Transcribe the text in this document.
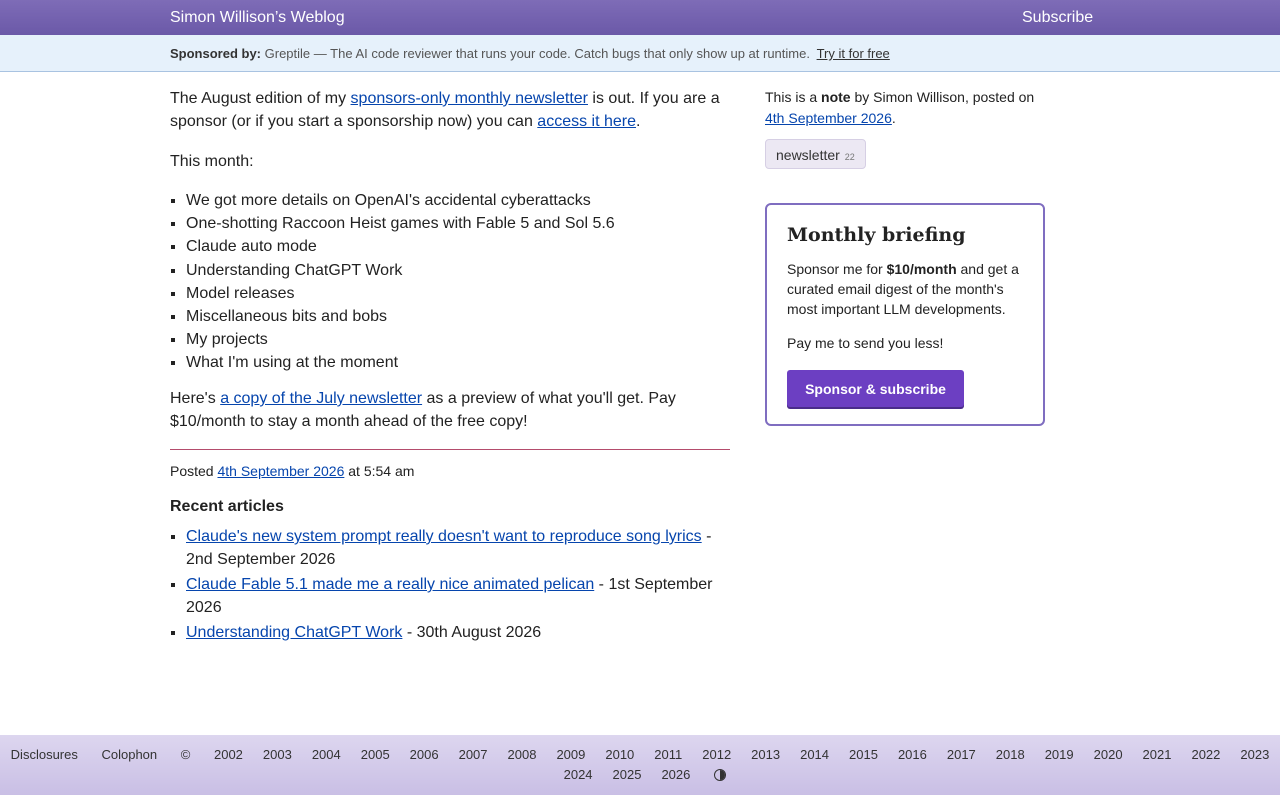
Simon Willison’s Weblog	Subscribe
Sponsored by: Greptile — The AI code reviewer that runs your code. Catch bugs that only show up at runtime. Try it for free

The August edition of my sponsors-only monthly newsletter is out. If you are a sponsor (or if you start a sponsorship now) you can access it here.

This month:

▪ We got more details on OpenAI's accidental cyberattacks
▪ One-shotting Raccoon Heist games with Fable 5 and Sol 5.6
▪ Claude auto mode
▪ Understanding ChatGPT Work
▪ Model releases
▪ Miscellaneous bits and bobs
▪ My projects
▪ What I'm using at the moment

Here's a copy of the July newsletter as a preview of what you'll get. Pay $10/month to stay a month ahead of the free copy!

Posted 4th September 2026 at 5:54 am
Recent articles
▪ Claude's new system prompt really doesn't want to reproduce song lyrics - 2nd September 2026
▪ Claude Fable 5.1 made me a really nice animated pelican - 1st September 2026
▪ Understanding ChatGPT Work - 30th August 2026
This is a note by Simon Willison, posted on 4th September 2026.
newsletter 22
Monthly briefing

Sponsor me for $10/month and get a curated email digest of the month's most important LLM developments.

Pay me to send you less!

Sponsor & subscribe
Disclosures Colophon © 2002 2003 2004 2005 2006 2007 2008 2009 2010 2011 2012 2013 2014 2015 2016 2017 2018 2019 2020 2021 2022 2023
2024 2025 2026
